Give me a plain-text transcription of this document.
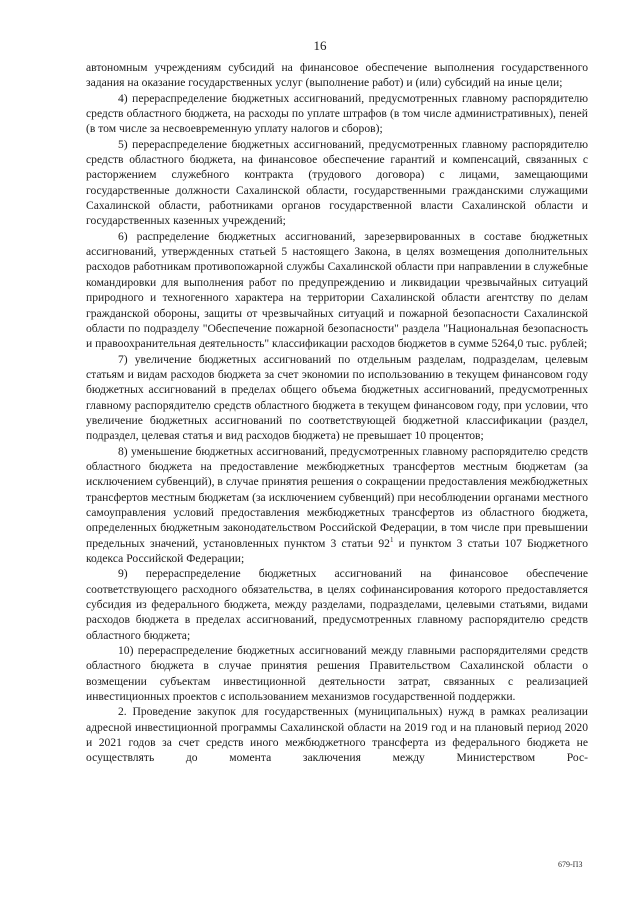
16

автономным учреждениям субсидий на финансовое обеспечение выполнения государственного задания на оказание государственных услуг (выполнение работ) и (или) субсидий на иные цели;

4) перераспределение бюджетных ассигнований, предусмотренных главному распорядителю средств областного бюджета, на расходы по уплате штрафов (в том числе административных), пеней (в том числе за несвоевременную уплату налогов и сборов);

5) перераспределение бюджетных ассигнований, предусмотренных главному распорядителю средств областного бюджета, на финансовое обеспечение гарантий и компенсаций, связанных с расторжением служебного контракта (трудового договора) с лицами, замещающими государственные должности Сахалинской области, государственными гражданскими служащими Сахалинской области, работниками органов государственной власти Сахалинской области и государственных казенных учреждений;

6) распределение бюджетных ассигнований, зарезервированных в составе бюджетных ассигнований, утвержденных статьей 5 настоящего Закона, в целях возмещения дополнительных расходов работникам противопожарной службы Сахалинской области при направлении в служебные командировки для выполнения работ по предупреждению и ликвидации чрезвычайных ситуаций природного и техногенного характера на территории Сахалинской области агентству по делам гражданской обороны, защиты от чрезвычайных ситуаций и пожарной безопасности Сахалинской области по подразделу "Обеспечение пожарной безопасности" раздела "Национальная безопасность и правоохранительная деятельность" классификации расходов бюджетов в сумме 5264,0 тыс. рублей;

7) увеличение бюджетных ассигнований по отдельным разделам, подразделам, целевым статьям и видам расходов бюджета за счет экономии по использованию в текущем финансовом году бюджетных ассигнований в пределах общего объема бюджетных ассигнований, предусмотренных главному распорядителю средств областного бюджета в текущем финансовом году, при условии, что увеличение бюджетных ассигнований по соответствующей бюджетной классификации (раздел, подраздел, целевая статья и вид расходов бюджета) не превышает 10 процентов;

8) уменьшение бюджетных ассигнований, предусмотренных главному распорядителю средств областного бюджета на предоставление межбюджетных трансфертов местным бюджетам (за исключением субвенций), в случае принятия решения о сокращении предоставления межбюджетных трансфертов местным бюджетам (за исключением субвенций) при несоблюдении органами местного самоуправления условий предоставления межбюджетных трансфертов из областного бюджета, определенных бюджетным законодательством Российской Федерации, в том числе при превышении предельных значений, установленных пунктом 3 статьи $92^1$ и пунктом 3 статьи 107 Бюджетного кодекса Российской Федерации;

9) перераспределение бюджетных ассигнований на финансовое обеспечение соответствующего расходного обязательства, в целях софинансирования которого предоставляется субсидия из федерального бюджета, между разделами, подразделами, целевыми статьями, видами расходов бюджета в пределах ассигнований, предусмотренных главному распорядителю средств областного бюджета;

10) перераспределение бюджетных ассигнований между главными распорядителями средств областного бюджета в случае принятия решения Правительством Сахалинской области о возмещении субъектам инвестиционной деятельности затрат, связанных с реализацией инвестиционных проектов с использованием механизмов государственной поддержки.

2. Проведение закупок для государственных (муниципальных) нужд в рамках реализации адресной инвестиционной программы Сахалинской области на 2019 год и на плановый период 2020 и 2021 годов за счет средств иного межбюджетного трансферта из федерального бюджета не осуществлять до момента заключения между Министерством Рос-

679-ПЗ
